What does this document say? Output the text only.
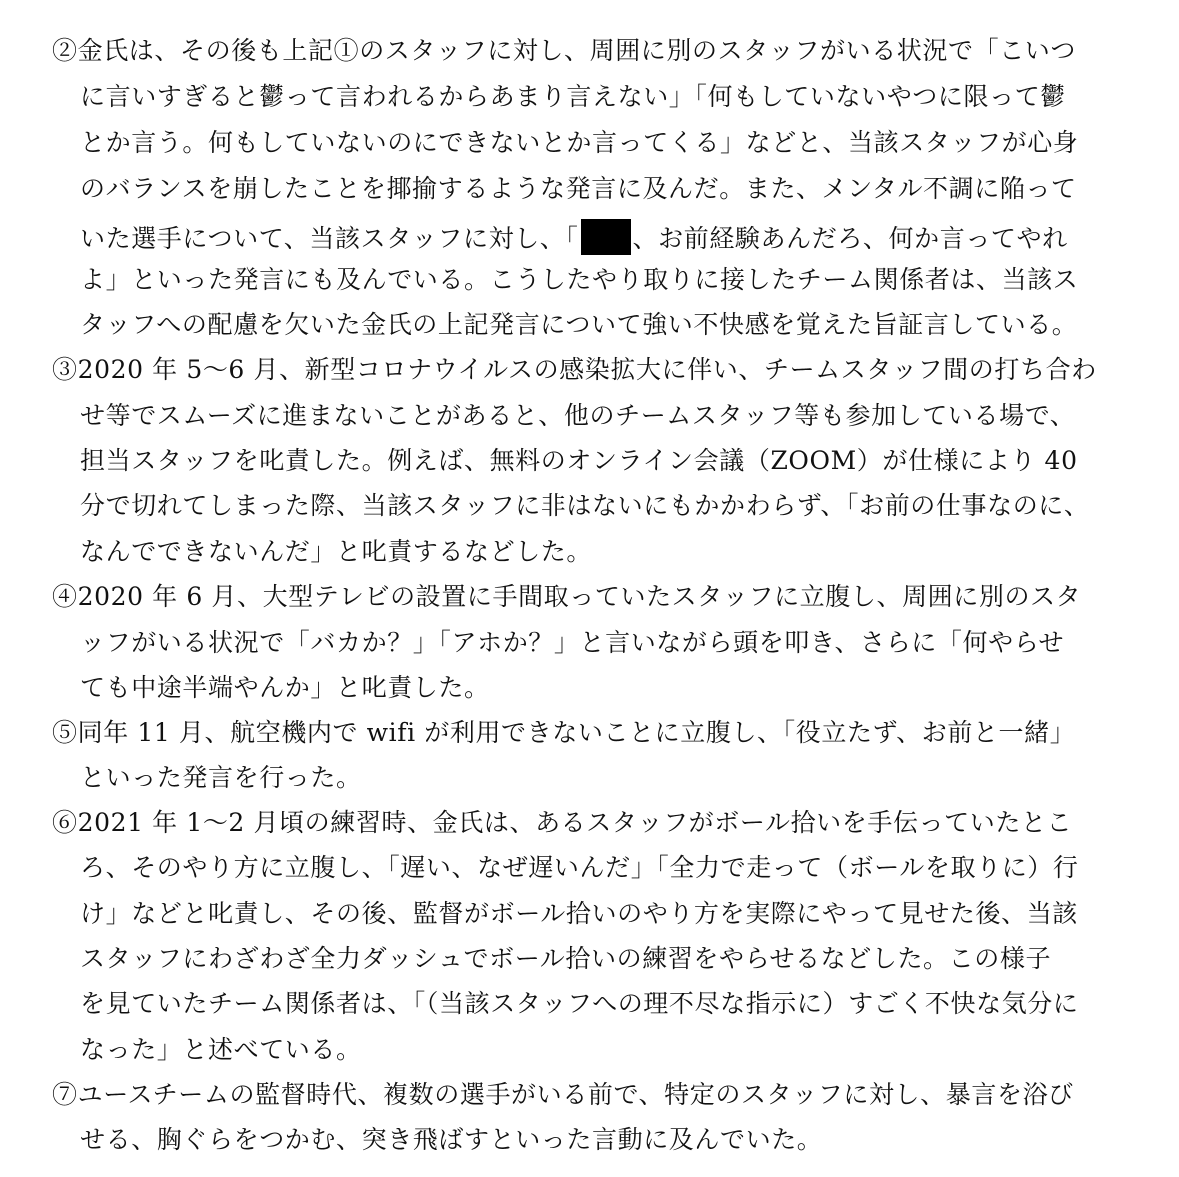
②金氏は、その後も上記①のスタッフに対し、周囲に別のスタッフがいる状況で「こいつ
に言いすぎると鬱って言われるからあまり言えない」「何もしていないやつに限って鬱
とか言う。何もしていないのにできないとか言ってくる」などと、当該スタッフが心身
のバランスを崩したことを揶揄するような発言に及んだ。また、メンタル不調に陥って
いた選手について、当該スタッフに対し、「 、お前経験あんだろ、何か言ってやれ
よ」といった発言にも及んでいる。こうしたやり取りに接したチーム関係者は、当該ス
タッフへの配慮を欠いた金氏の上記発言について強い不快感を覚えた旨証言している。
③2020 年 5〜6 月、新型コロナウイルスの感染拡大に伴い、チームスタッフ間の打ち合わ
せ等でスムーズに進まないことがあると、他のチームスタッフ等も参加している場で、
担当スタッフを叱責した。例えば、無料のオンライン会議（ZOOM）が仕様により 40
分で切れてしまった際、当該スタッフに非はないにもかかわらず、「お前の仕事なのに、
なんでできないんだ」と叱責するなどした。
④2020 年 6 月、大型テレビの設置に手間取っていたスタッフに立腹し、周囲に別のスタ
ッフがいる状況で「バカか？」「アホか？」と言いながら頭を叩き、さらに「何やらせ
ても中途半端やんか」と叱責した。
⑤同年 11 月、航空機内で wifi が利用できないことに立腹し、「役立たず、お前と一緒」
といった発言を行った。
⑥2021 年 1〜2 月頃の練習時、金氏は、あるスタッフがボール拾いを手伝っていたとこ
ろ、そのやり方に立腹し、「遅い、なぜ遅いんだ」「全力で走って（ボールを取りに）行
け」などと叱責し、その後、監督がボール拾いのやり方を実際にやって見せた後、当該
スタッフにわざわざ全力ダッシュでボール拾いの練習をやらせるなどした。この様子
を見ていたチーム関係者は、「（当該スタッフへの理不尽な指示に）すごく不快な気分に
なった」と述べている。
⑦ユースチームの監督時代、複数の選手がいる前で、特定のスタッフに対し、暴言を浴び
せる、胸ぐらをつかむ、突き飛ばすといった言動に及んでいた。
